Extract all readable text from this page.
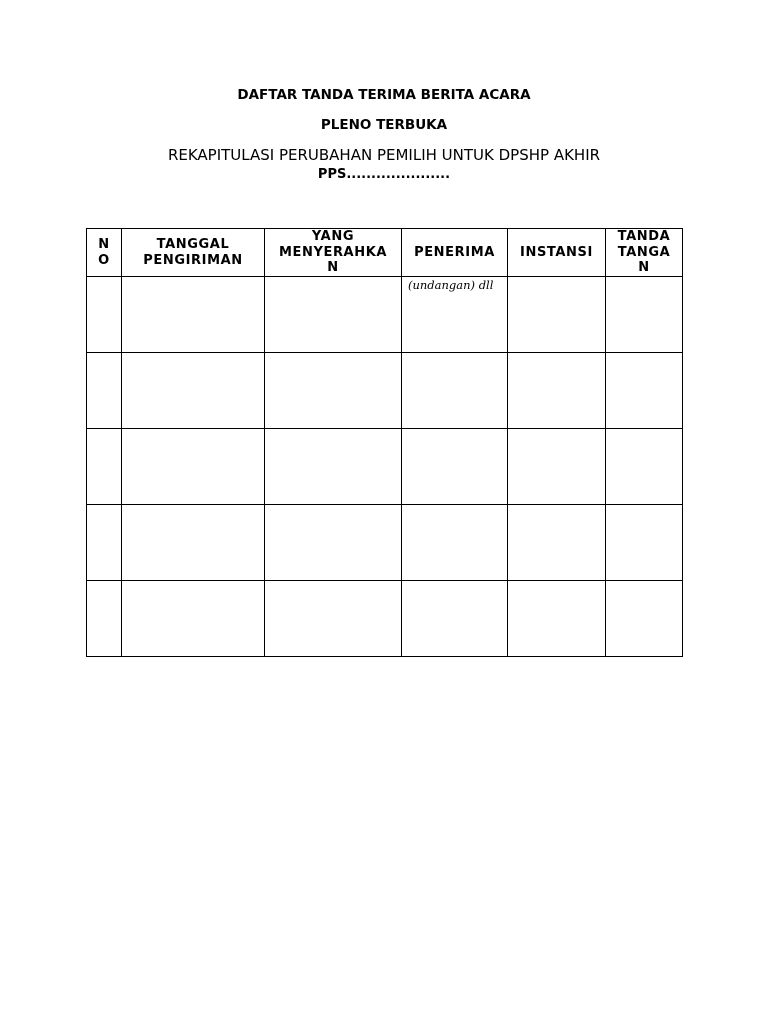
DAFTAR TANDA TERIMA BERITA ACARA
PLENO TERBUKA
REKAPITULASI PERUBAHAN PEMILIH UNTUK DPSHP AKHIR
PPS.....................
N O	TANGGAL PENGIRIMAN	YANG MENYERAHKA N	PENERIMA	INSTANSI	TANDA TANGA N

			(undangan) dll		
